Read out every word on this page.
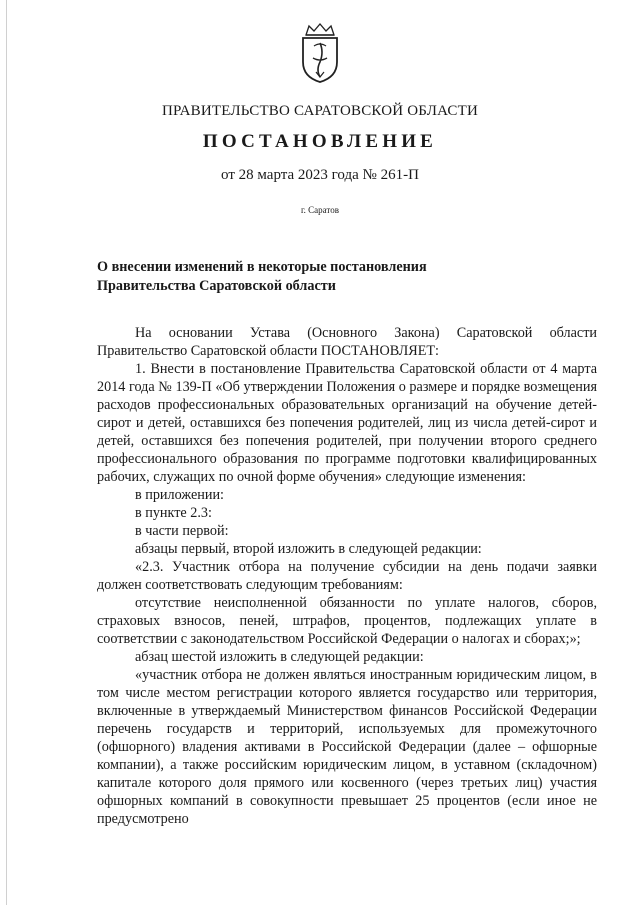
ПРАВИТЕЛЬСТВО САРАТОВСКОЙ ОБЛАСТИ
ПОСТАНОВЛЕНИЕ
от 28 марта 2023 года № 261-П
г. Саратов
О внесении изменений в некоторые постановления
Правительства Саратовской области

На основании Устава (Основного Закона) Саратовской области Правительство Саратовской области ПОСТАНОВЛЯЕТ:

1. Внести в постановление Правительства Саратовской области от 4 марта 2014 года № 139-П «Об утверждении Положения о размере и порядке возмещения расходов профессиональных образовательных организаций на обучение детей-сирот и детей, оставшихся без попечения родителей, лиц из числа детей-сирот и детей, оставшихся без попечения родителей, при получении второго среднего профессионального образования по программе подготовки квалифицированных рабочих, служащих по очной форме обучения» следующие изменения:

в приложении:

в пункте 2.3:

в части первой:

абзацы первый, второй изложить в следующей редакции:

«2.3. Участник отбора на получение субсидии на день подачи заявки должен соответствовать следующим требованиям:

отсутствие неисполненной обязанности по уплате налогов, сборов, страховых взносов, пеней, штрафов, процентов, подлежащих уплате в соответствии с законодательством Российской Федерации о налогах и сборах;»;

абзац шестой изложить в следующей редакции:

«участник отбора не должен являться иностранным юридическим лицом, в том числе местом регистрации которого является государство или территория, включенные в утверждаемый Министерством финансов Российской Федерации перечень государств и территорий, используемых для промежуточного (офшорного) владения активами в Российской Федерации (далее – офшорные компании), а также российским юридическим лицом, в уставном (складочном) капитале которого доля прямого или косвенного (через третьих лиц) участия офшорных компаний в совокупности превышает 25 процентов (если иное не предусмотрено
